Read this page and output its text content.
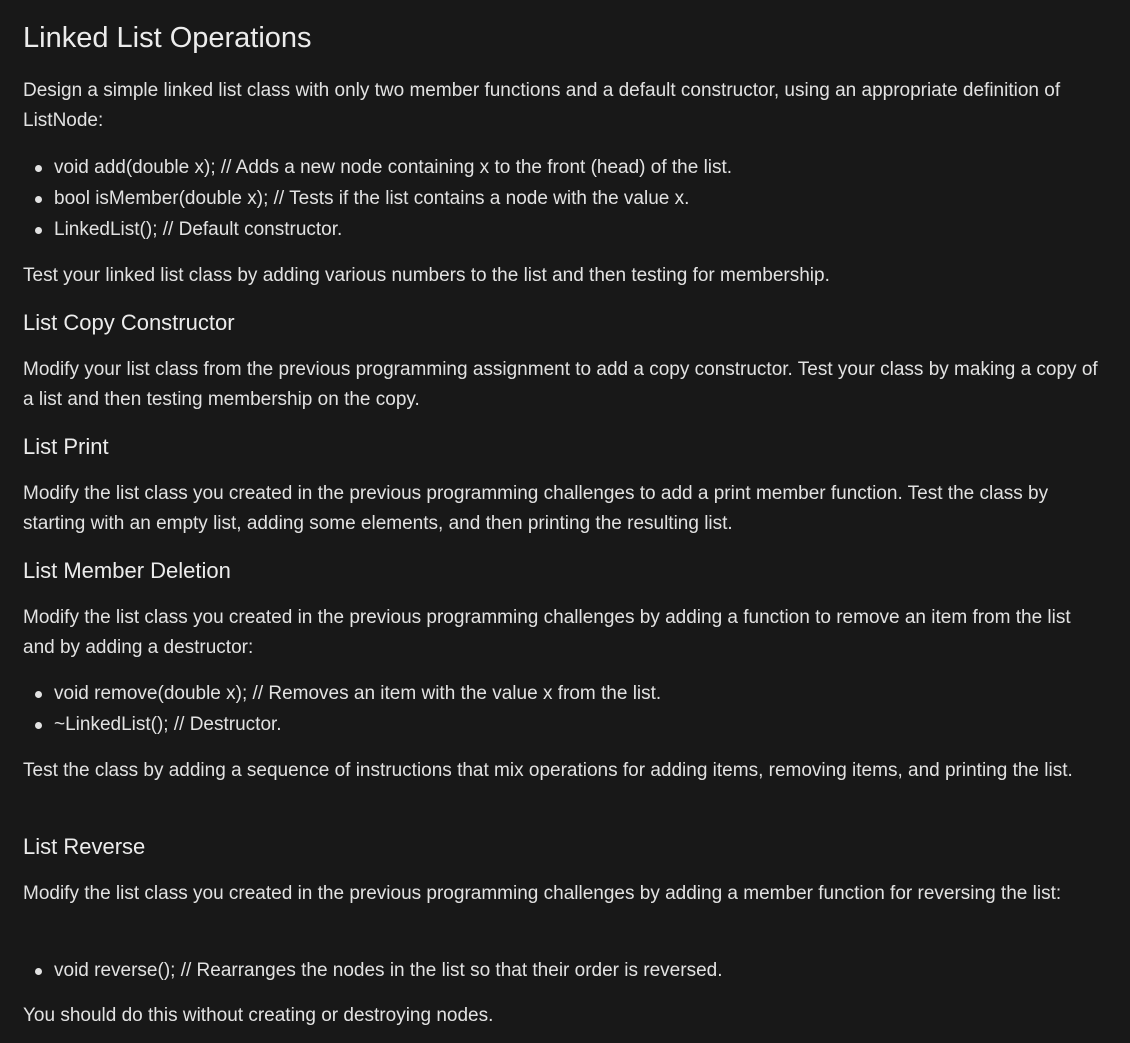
Linked List Operations

Design a simple linked list class with only two member functions and a default constructor, using an appropriate definition of ListNode:

void add(double x); // Adds a new node containing x to the front (head) of the list.
bool isMember(double x); // Tests if the list contains a node with the value x.
LinkedList(); // Default constructor.

Test your linked list class by adding various numbers to the list and then testing for membership.

List Copy Constructor

Modify your list class from the previous programming assignment to add a copy constructor. Test your class by making a copy of a list and then testing membership on the copy.

List Print

Modify the list class you created in the previous programming challenges to add a print member function. Test the class by starting with an empty list, adding some elements, and then printing the resulting list.

List Member Deletion

Modify the list class you created in the previous programming challenges by adding a function to remove an item from the list and by adding a destructor:

void remove(double x); // Removes an item with the value x from the list.
~LinkedList(); // Destructor.

Test the class by adding a sequence of instructions that mix operations for adding items, removing items, and printing the list.

List Reverse

Modify the list class you created in the previous programming challenges by adding a member function for reversing the list:

void reverse(); // Rearranges the nodes in the list so that their order is reversed.

You should do this without creating or destroying nodes.
